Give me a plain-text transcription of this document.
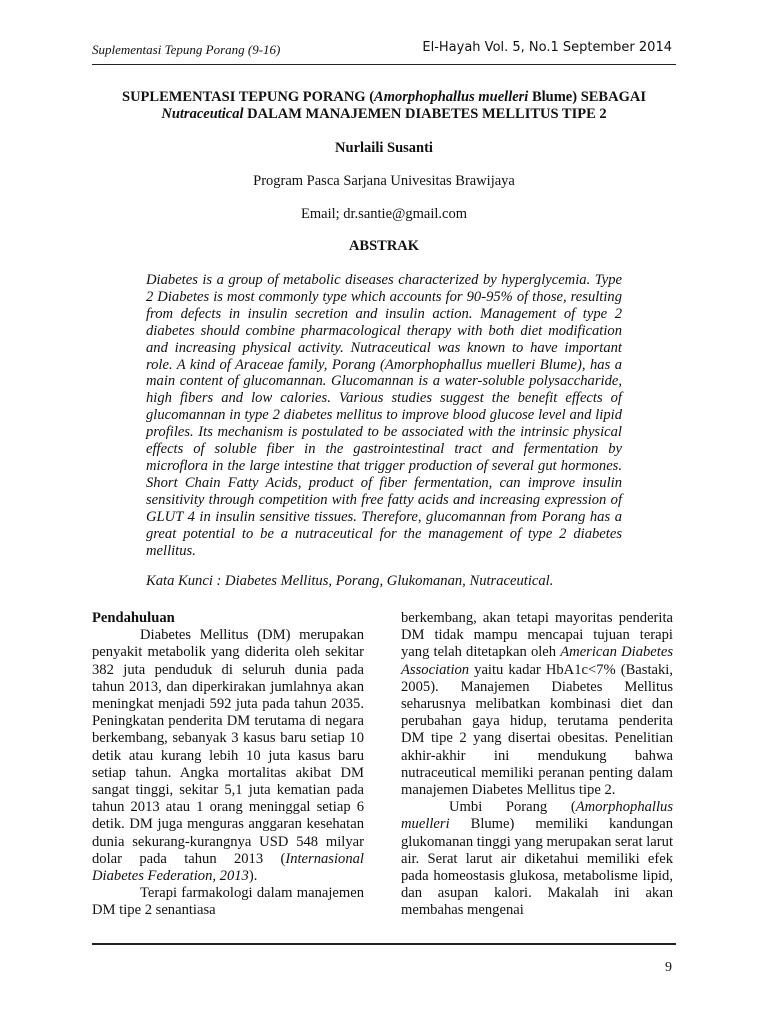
Suplementasi Tepung Porang (9-16)	El-Hayah Vol. 5, No.1 September 2014
SUPLEMENTASI TEPUNG PORANG (Amorphophallus muelleri Blume) SEBAGAI
Nutraceutical DALAM MANAJEMEN DIABETES MELLITUS TIPE 2
Nurlaili Susanti
Program Pasca Sarjana Univesitas Brawijaya
Email; dr.santie@gmail.com
ABSTRAK

Diabetes is a group of metabolic diseases characterized by hyperglycemia. Type 2 Diabetes is most commonly type which accounts for 90-95% of those, resulting from defects in insulin secretion and insulin action. Management of type 2 diabetes should combine pharmacological therapy with both diet modification and increasing physical activity. Nutraceutical was known to have important role. A kind of Araceae family, Porang (Amorphophallus muelleri Blume), has a main content of glucomannan. Glucomannan is a water-soluble polysaccharide, high fibers and low calories. Various studies suggest the benefit effects of glucomannan in type 2 diabetes mellitus to improve blood glucose level and lipid profiles. Its mechanism is postulated to be associated with the intrinsic physical effects of soluble fiber in the gastrointestinal tract and fermentation by microflora in the large intestine that trigger production of several gut hormones. Short Chain Fatty Acids, product of fiber fermentation, can improve insulin sensitivity through competition with free fatty acids and increasing expression of GLUT 4 in insulin sensitive tissues. Therefore, glucomannan from Porang has a great potential to be a nutraceutical for the management of type 2 diabetes mellitus.

Kata Kunci : Diabetes Mellitus, Porang, Glukomanan, Nutraceutical.

Pendahuluan

Diabetes Mellitus (DM) merupakan penyakit metabolik yang diderita oleh sekitar 382 juta penduduk di seluruh dunia pada tahun 2013, dan diperkirakan jumlahnya akan meningkat menjadi 592 juta pada tahun 2035. Peningkatan penderita DM terutama di negara berkembang, sebanyak 3 kasus baru setiap 10 detik atau kurang lebih 10 juta kasus baru setiap tahun. Angka mortalitas akibat DM sangat tinggi, sekitar 5,1 juta kematian pada tahun 2013 atau 1 orang meninggal setiap 6 detik. DM juga menguras anggaran kesehatan dunia sekurang-kurangnya USD 548 milyar dolar pada tahun 2013 (Internasional Diabetes Federation, 2013).

Terapi farmakologi dalam manajemen DM tipe 2 senantiasa

berkembang, akan tetapi mayoritas penderita DM tidak mampu mencapai tujuan terapi yang telah ditetapkan oleh American Diabetes Association yaitu kadar HbA1c<7% (Bastaki, 2005). Manajemen Diabetes Mellitus seharusnya melibatkan kombinasi diet dan perubahan gaya hidup, terutama penderita DM tipe 2 yang disertai obesitas. Penelitian akhir-akhir ini mendukung bahwa nutraceutical memiliki peranan penting dalam manajemen Diabetes Mellitus tipe 2.

Umbi Porang (Amorphophallus muelleri Blume) memiliki kandungan glukomanan tinggi yang merupakan serat larut air. Serat larut air diketahui memiliki efek pada homeostasis glukosa, metabolisme lipid, dan asupan kalori. Makalah ini akan membahas mengenai

9
